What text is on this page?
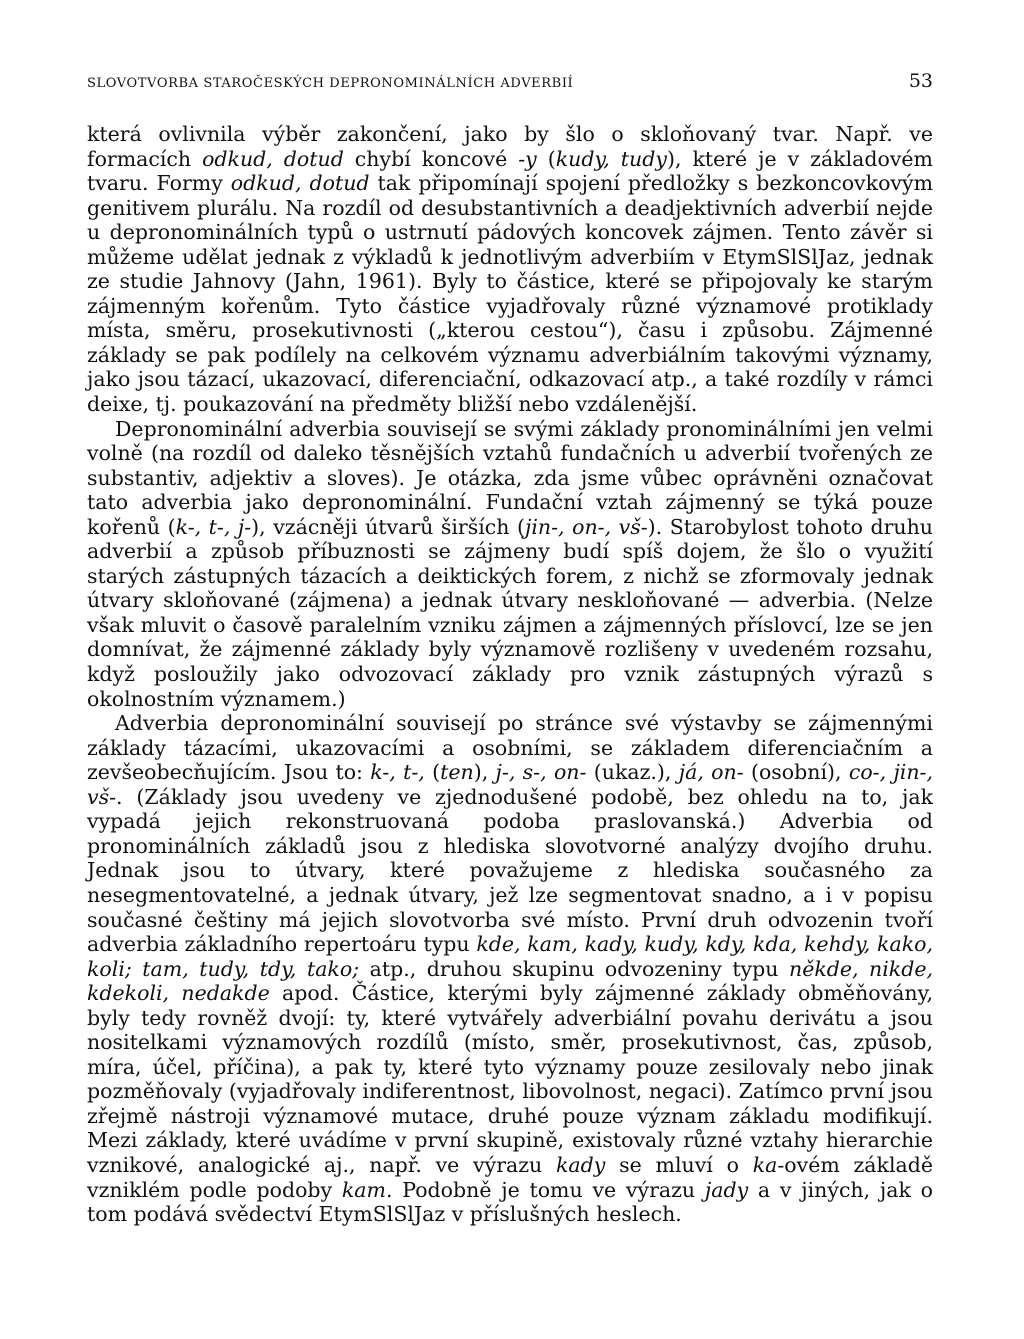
SLOVOTVORBA STAROČESKÝCH DEPRONOMINÁLNÍCH ADVERBIÍ	53

která ovlivnila výběr zakončení, jako by šlo o skloňovaný tvar. Např. ve formacích odkud, dotud chybí koncové -y (kudy, tudy), které je v základovém tvaru. Formy odkud, dotud tak připomínají spojení předložky s bezkoncovkovým genitivem plurálu. Na rozdíl od desubstantivních a deadjektivních adverbií nejde u depronominálních typů o ustrnutí pádových koncovek zájmen. Tento závěr si můžeme udělat jednak z výkladů k jednotlivým adverbiím v EtymSlSlJaz, jednak ze studie Jahnovy (Jahn, 1961). Byly to částice, které se připojovaly ke starým zájmenným kořenům. Tyto částice vyjadřovaly různé významové protiklady místa, směru, prosekutivnosti („kterou cestou“), času i způsobu. Zájmenné základy se pak podílely na celkovém významu adverbiálním takovými významy, jako jsou tázací, ukazovací, diferenciační, odkazovací atp., a také rozdíly v rámci deixe, tj. poukazování na předměty bližší nebo vzdálenější.

Depronominální adverbia souvisejí se svými základy pronominálními jen velmi volně (na rozdíl od daleko těsnějších vztahů fundačních u adverbií tvořených ze substantiv, adjektiv a sloves). Je otázka, zda jsme vůbec oprávněni označovat tato adverbia jako depronominální. Fundační vztah zájmenný se týká pouze kořenů (k-, t-, j-), vzácněji útvarů širších (jin-, on-, vš-). Starobylost tohoto druhu adverbií a způsob příbuznosti se zájmeny budí spíš dojem, že šlo o využití starých zástupných tázacích a deiktických forem, z nichž se zformovaly jednak útvary skloňované (zájmena) a jednak útvary neskloňované — adverbia. (Nelze však mluvit o časově paralelním vzniku zájmen a zájmenných příslovcí, lze se jen domnívat, že zájmenné základy byly významově rozlišeny v uvedeném rozsahu, když posloužily jako odvozovací základy pro vznik zástupných výrazů s okolnostním významem.)

Adverbia depronominální souvisejí po stránce své výstavby se zájmennými základy tázacími, ukazovacími a osobními, se základem diferenciačním a zevšeobecňujícím. Jsou to: k-, t-, (ten), j-, s-, on- (ukaz.), já, on- (osobní), co-, jin-, vš-. (Základy jsou uvedeny ve zjednodušené podobě, bez ohledu na to, jak vypadá jejich rekonstruovaná podoba praslovanská.) Adverbia od pronominálních základů jsou z hlediska slovotvorné analýzy dvojího druhu. Jednak jsou to útvary, které považujeme z hlediska současného za nesegmentovatelné, a jednak útvary, jež lze segmentovat snadno, a i v popisu současné češtiny má jejich slovotvorba své místo. První druh odvozenin tvoří adverbia základního repertoáru typu kde, kam, kady, kudy, kdy, kda, kehdy, kako, koli; tam, tudy, tdy, tako; atp., druhou skupinu odvozeniny typu někde, nikde, kdekoli, nedakde apod. Částice, kterými byly zájmenné základy obměňovány, byly tedy rovněž dvojí: ty, které vytvářely adverbiální povahu derivátu a jsou nositelkami významových rozdílů (místo, směr, prosekutivnost, čas, způsob, míra, účel, příčina), a pak ty, které tyto významy pouze zesilovaly nebo jinak pozměňovaly (vyjadřovaly indiferentnost, libovolnost, negaci). Zatímco první jsou zřejmě nástroji významové mutace, druhé pouze význam základu modifikují. Mezi základy, které uvádíme v první skupině, existovaly různé vztahy hierarchie vznikové, analogické aj., např. ve výrazu kady se mluví o ka-ovém základě vzniklém podle podoby kam. Podobně je tomu ve výrazu jady a v jiných, jak o tom podává svědectví EtymSlSlJaz v příslušných heslech.
